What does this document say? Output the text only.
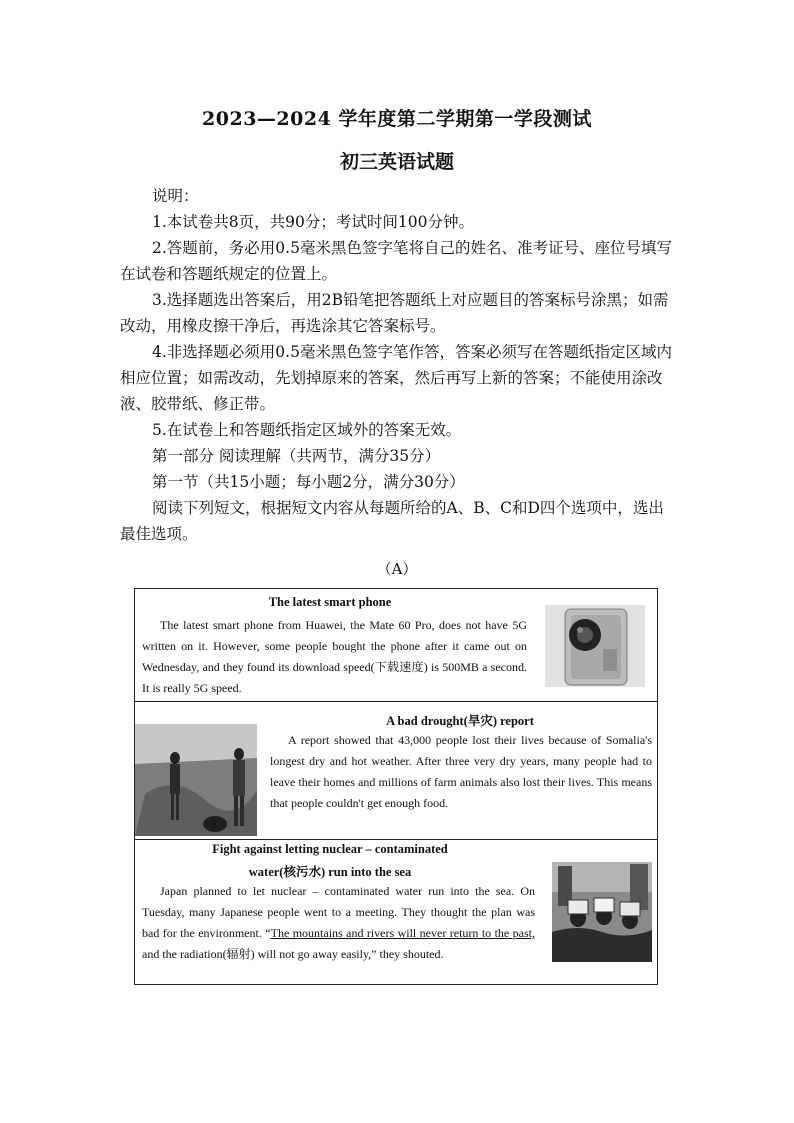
2023—2024 学年度第二学期第一学段测试
初三英语试题

说明：

1.本试卷共8页，共90分；考试时间100分钟。

2.答题前，务必用0.5毫米黑色签字笔将自己的姓名、准考证号、座位号填写在试卷和答题纸规定的位置上。

3.选择题选出答案后，用2B铅笔把答题纸上对应题目的答案标号涂黑；如需改动，用橡皮擦干净后，再选涂其它答案标号。

4.非选择题必须用0.5毫米黑色签字笔作答，答案必须写在答题纸指定区域内相应位置；如需改动，先划掉原来的答案，然后再写上新的答案；不能使用涂改液、胶带纸、修正带。

5.在试卷上和答题纸指定区域外的答案无效。

第一部分 阅读理解（共两节，满分35分）

第一节（共15小题；每小题2分，满分30分）

阅读下列短文，根据短文内容从每题所给的A、B、C和D四个选项中，选出最佳选项。

（A）
The latest smart phone
The latest smart phone from Huawei, the Mate 60 Pro, does not have 5G written on it. However, some people bought the phone after it came out on Wednesday, and they found its download speed(下载速度) is 500MB a second. It is really 5G speed.
A bad drought(旱灾) report
A report showed that 43,000 people lost their lives because of Somalia's longest dry and hot weather. After three very dry years, many people had to leave their homes and millions of farm animals also lost their lives. This means that people couldn't get enough food.
Fight against letting nuclear – contaminated
water(核污水) run into the sea
Japan planned to let nuclear – contaminated water run into the sea. On Tuesday, many Japanese people went to a meeting. They thought the plan was bad for the environment. “The mountains and rivers will never return to the past, and the radiation(辐射) will not go away easily,” they shouted.
